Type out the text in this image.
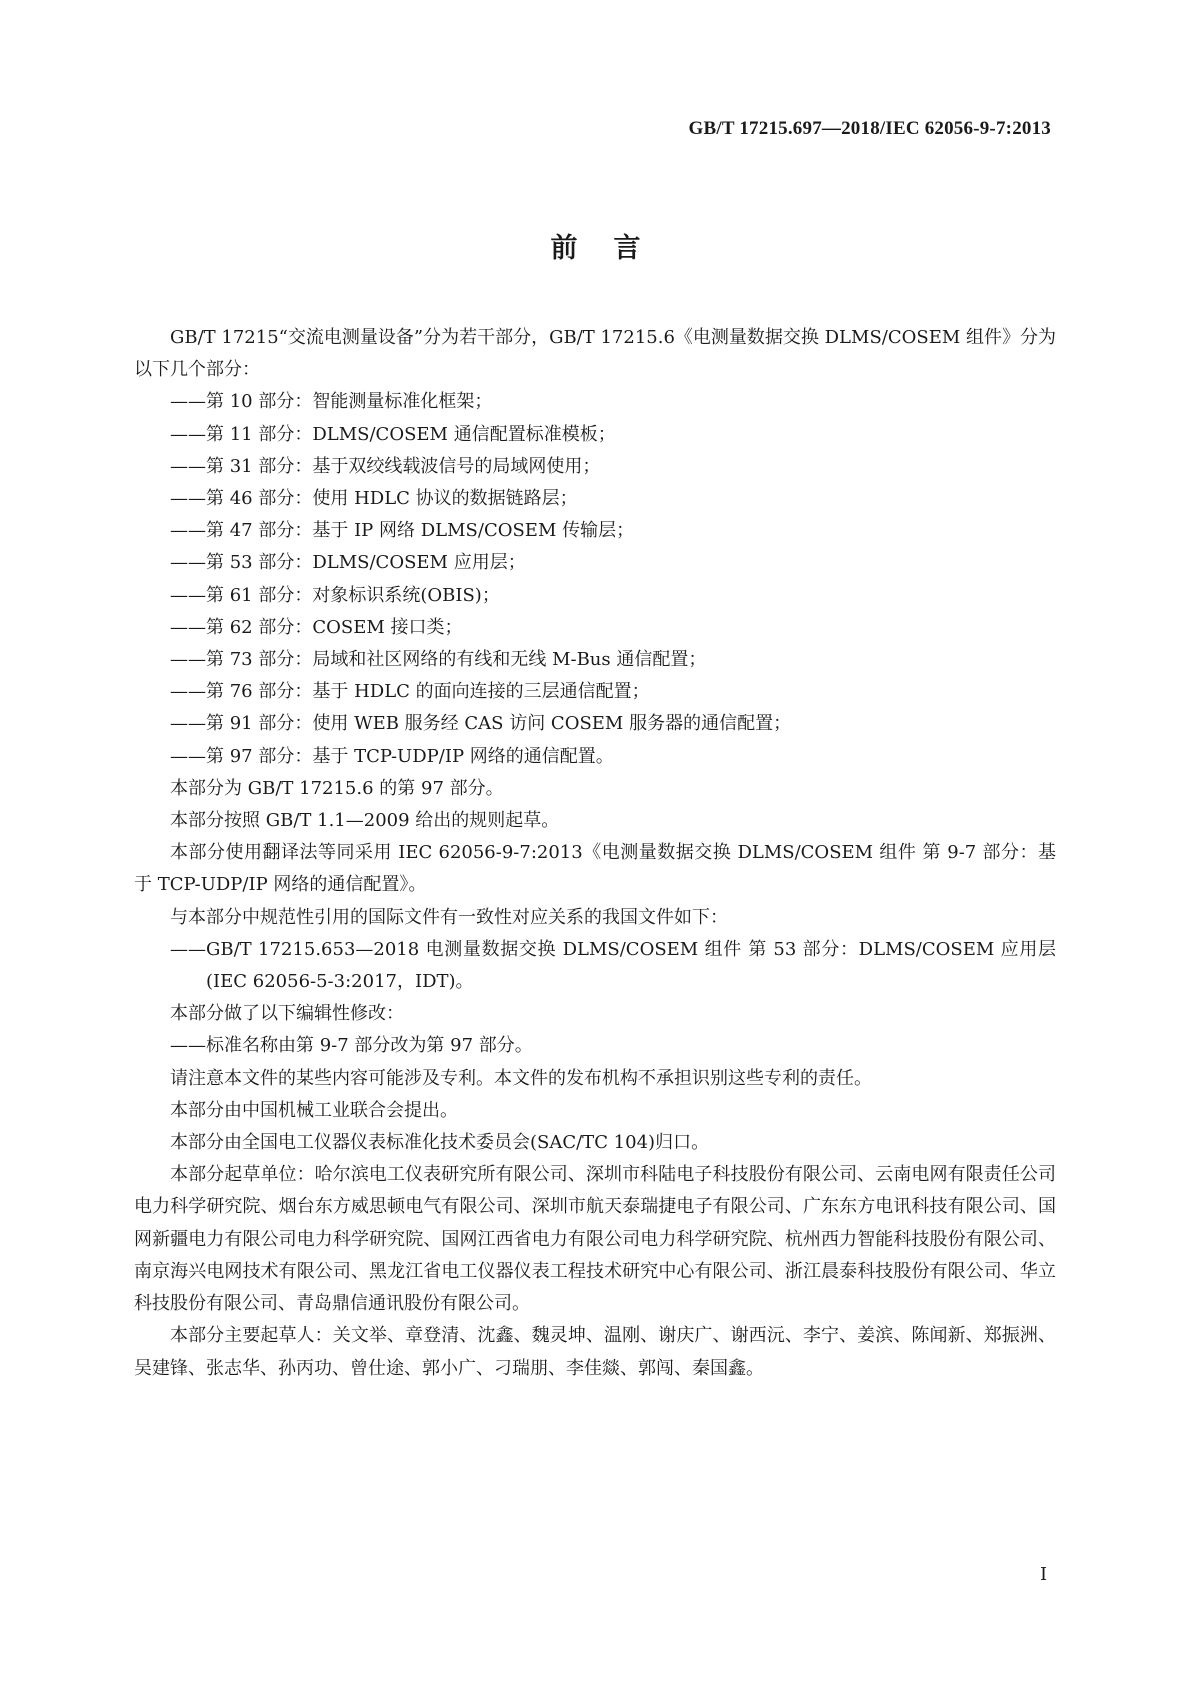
GB/T 17215.697—2018/IEC 62056-9-7:2013
前言

GB/T 17215“交流电测量设备”分为若干部分，GB/T 17215.6《电测量数据交换 DLMS/COSEM 组件》分为以下几个部分：

——第 10 部分：智能测量标准化框架；

——第 11 部分：DLMS/COSEM 通信配置标准模板；

——第 31 部分：基于双绞线载波信号的局域网使用；

——第 46 部分：使用 HDLC 协议的数据链路层；

——第 47 部分：基于 IP 网络 DLMS/COSEM 传输层；

——第 53 部分：DLMS/COSEM 应用层；

——第 61 部分：对象标识系统(OBIS)；

——第 62 部分：COSEM 接口类；

——第 73 部分：局域和社区网络的有线和无线 M-Bus 通信配置；

——第 76 部分：基于 HDLC 的面向连接的三层通信配置；

——第 91 部分：使用 WEB 服务经 CAS 访问 COSEM 服务器的通信配置；

——第 97 部分：基于 TCP-UDP/IP 网络的通信配置。

本部分为 GB/T 17215.6 的第 97 部分。

本部分按照 GB/T 1.1—2009 给出的规则起草。

本部分使用翻译法等同采用 IEC 62056-9-7:2013《电测量数据交换 DLMS/COSEM 组件 第 9-7 部分：基于 TCP-UDP/IP 网络的通信配置》。

与本部分中规范性引用的国际文件有一致性对应关系的我国文件如下：

——GB/T 17215.653—2018 电测量数据交换 DLMS/COSEM 组件 第 53 部分：DLMS/COSEM 应用层(IEC 62056-5-3:2017，IDT)。

本部分做了以下编辑性修改：

——标准名称由第 9-7 部分改为第 97 部分。

请注意本文件的某些内容可能涉及专利。本文件的发布机构不承担识别这些专利的责任。

本部分由中国机械工业联合会提出。

本部分由全国电工仪器仪表标准化技术委员会(SAC/TC 104)归口。

本部分起草单位：哈尔滨电工仪表研究所有限公司、深圳市科陆电子科技股份有限公司、云南电网有限责任公司电力科学研究院、烟台东方威思顿电气有限公司、深圳市航天泰瑞捷电子有限公司、广东东方电讯科技有限公司、国网新疆电力有限公司电力科学研究院、国网江西省电力有限公司电力科学研究院、杭州西力智能科技股份有限公司、南京海兴电网技术有限公司、黑龙江省电工仪器仪表工程技术研究中心有限公司、浙江晨泰科技股份有限公司、华立科技股份有限公司、青岛鼎信通讯股份有限公司。

本部分主要起草人：关文举、章登清、沈鑫、魏灵坤、温刚、谢庆广、谢西沅、李宁、姜滨、陈闻新、郑振洲、吴建锋、张志华、孙丙功、曾仕途、郭小广、刁瑞朋、李佳燚、郭闯、秦国鑫。

I
